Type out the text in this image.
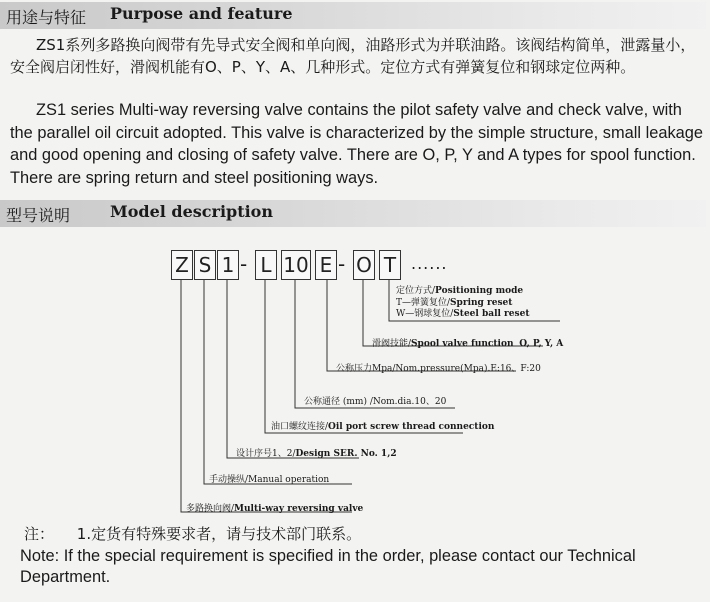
用途与特征 Purpose and feature

ZS1系列多路换向阀带有先导式安全阀和单向阀，油路形式为并联油路。该阀结构简单，泄露量小，安全阀启闭性好，滑阀机能有O、P、Y、A、几种形式。定位方式有弹簧复位和钢球定位两种。

ZS1 series Multi-way reversing valve contains the pilot safety valve and check valve, with the parallel oil circuit adopted. This valve is characterized by the simple structure, small leakage and good opening and closing of safety valve. There are O, P, Y and A types for spool function. There are spring return and steel positioning ways.

型号说明 Model description
Z S 1 - L 10 E - O T ......
定位方式/Positioning mode
T—弹簧复位/Spring reset
W—钢球复位/Steel ball reset
滑阀技能/Spool valve function O, P, Y, A
公称压力Mpa/Nom.pressure(Mpa).E:16、F:20
公称通径 (mm) /Nom.dia.10、20
油口螺纹连接/Oil port screw thread connection
设计序号1、2/Design SER. No. 1,2
手动操纵/Manual operation
多路换向阀/Multi-way reversing valve
注： 1.定货有特殊要求者，请与技术部门联系。

Note: If the special requirement is specified in the order, please contact our Technical Department.
